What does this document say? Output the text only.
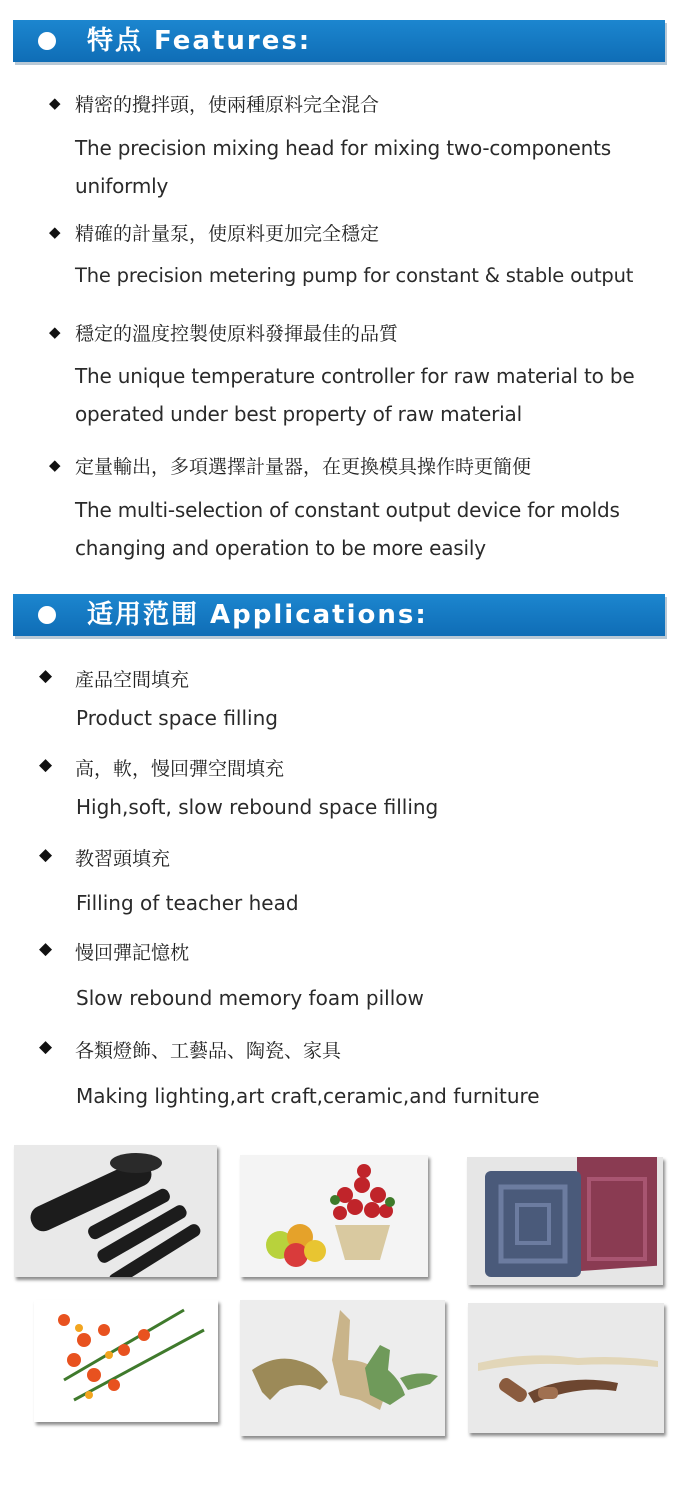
特点 Features:
◆ 精密的攪拌頭，使兩種原料完全混合
The precision mixing head for mixing two-components uniformly
◆ 精確的計量泵，使原料更加完全穩定
The precision metering pump for constant & stable output
◆ 穩定的溫度控製使原料發揮最佳的品質
The unique temperature controller for raw material to be operated under best property of raw material
◆ 定量輸出，多項選擇計量器，在更換模具操作時更簡便
The multi-selection of constant output device for molds changing and operation to be more easily
适用范围 Applications:
◆ 產品空間填充
Product space filling
◆ 高，軟，慢回彈空間填充
High,soft, slow rebound space filling
◆ 教習頭填充
Filling of teacher head
◆ 慢回彈記憶枕
Slow rebound memory foam pillow
◆ 各類燈飾、工藝品、陶瓷、家具
Making lighting,art craft,ceramic,and furniture
